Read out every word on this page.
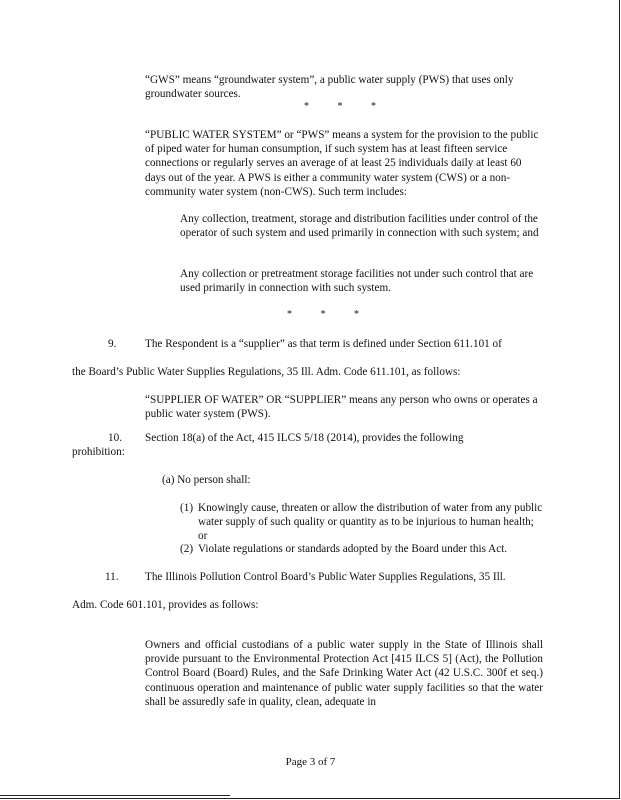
“GWS” means “groundwater system”, a public water supply (PWS) that uses only groundwater sources.

* * *

“PUBLIC WATER SYSTEM” or “PWS” means a system for the provision to the public of piped water for human consumption, if such system has at least fifteen service connections or regularly serves an average of at least 25 individuals daily at least 60 days out of the year. A PWS is either a community water system (CWS) or a non-community water system (non-CWS). Such term includes:

Any collection, treatment, storage and distribution facilities under control of the operator of such system and used primarily in connection with such system; and

Any collection or pretreatment storage facilities not under such control that are used primarily in connection with such system.

* * *
9.	The Respondent is a “supplier” as that term is defined under Section 611.101 of
the Board’s Public Water Supplies Regulations, 35 Ill. Adm. Code 611.101, as follows:

“SUPPLIER OF WATER” OR “SUPPLIER” means any person who owns or operates a public water system (PWS).

10. Section 18(a) of the Act, 415 ILCS 5/18 (2014), provides the following
prohibition:
(a) No person shall:
(1) Knowingly cause, threaten or allow the distribution of water from any public water supply of such quality or quantity as to be injurious to human health; or

(2) Violate regulations or standards adopted by the Board under this Act.
11. The Illinois Pollution Control Board’s Public Water Supplies Regulations, 35 Ill.
Adm. Code 601.101, provides as follows:

Owners and official custodians of a public water supply in the State of Illinois shall provide pursuant to the Environmental Protection Act [415 ILCS 5] (Act), the Pollution Control Board (Board) Rules, and the Safe Drinking Water Act (42 U.S.C. 300f et seq.) continuous operation and maintenance of public water supply facilities so that the water shall be assuredly safe in quality, clean, adequate in

Page 3 of 7
